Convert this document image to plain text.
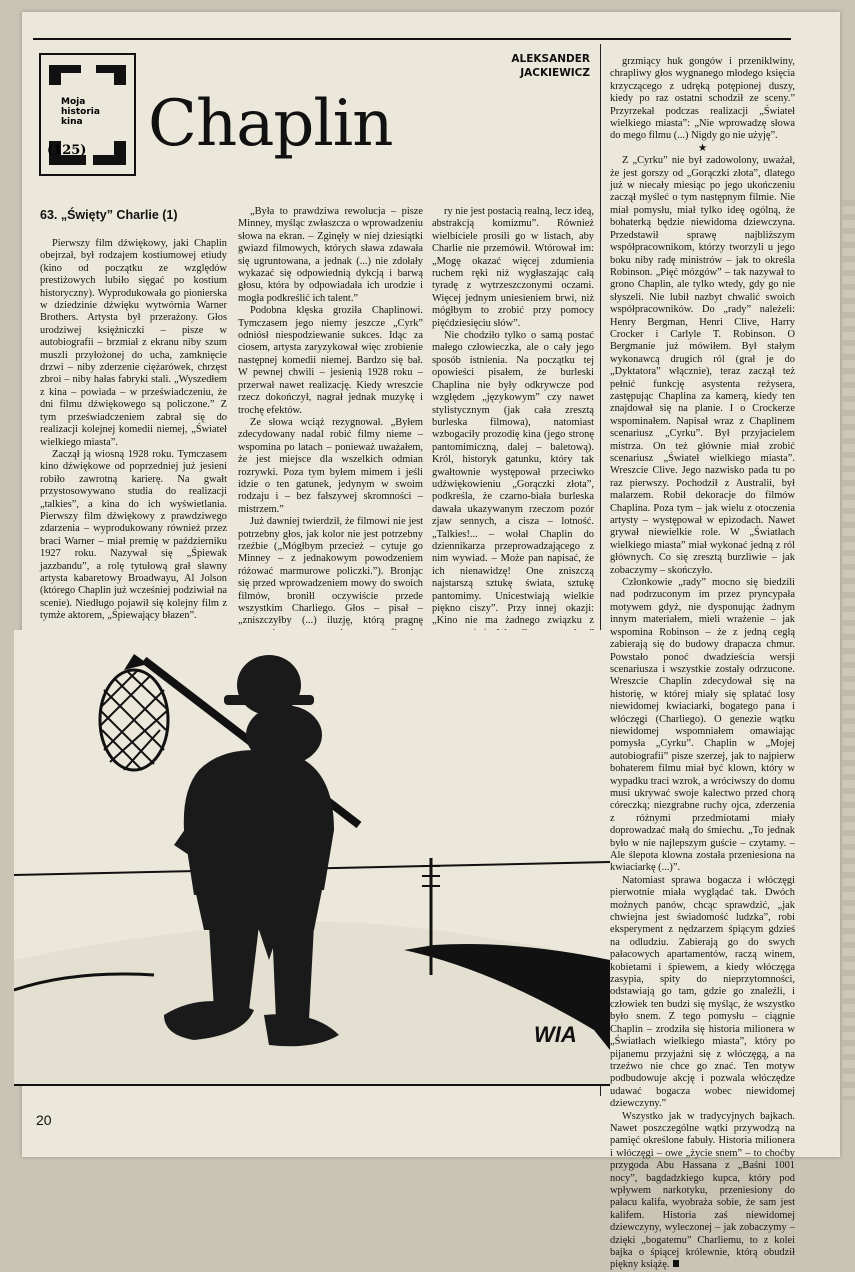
Moja
historia
kina
(125) Chaplin
ALEKSANDER
JACKIEWICZ
63. „Święty” Charlie (1)

Pierwszy film dźwiękowy, jaki Chaplin obejrzał, był rodzajem kostiumowej etiudy (kino od początku ze względów prestiżowych lubiło sięgać po kostium historyczny). Wyprodukowała go pionierska w dziedzinie dźwięku wytwórnia Warner Brothers. Artysta był przerażony. Głos urodziwej księżniczki – pisze w autobiografii – brzmiał z ekranu niby szum muszli przyłożonej do ucha, zamknięcie drzwi – niby zderzenie ciężarówek, chrzęst zbroi – niby hałas fabryki stali. „Wyszedłem z kina – powiada – w przeświadczeniu, że dni filmu dźwiękowego są policzone.” Z tym przeświadczeniem zabrał się do realizacji kolejnej komedii niemej, „Świateł wielkiego miasta”.

Zaczął ją wiosną 1928 roku. Tymczasem kino dźwiękowe od poprzedniej już jesieni robiło zawrotną karierę. Na gwałt przystosowywano studia do realizacji „talkies”, a kina do ich wyświetlania. Pierwszy film dźwiękowy z prawdziwego zdarzenia – wyprodukowany również przez braci Warner – miał premię w październiku 1927 roku. Nazywał się „Śpiewak jazzbandu”, a rolę tytułową grał sławny artysta kabaretowy Broadwayu, Al Jolson (którego Chaplin już wcześniej podziwiał na scenie). Niedługo pojawił się kolejny film z tymże aktorem, „Śpiewający błazen”.

„Była to prawdziwa rewolucja – pisze Minney, myśląc zwłaszcza o wprowadzeniu słowa na ekran. – Zginęły w niej dziesiątki gwiazd filmowych, których sława zdawała się ugruntowana, a jednak (...) nie zdołały wykazać się odpowiednią dykcją i barwą głosu, która by odpowiadała ich urodzie i mogła podkreślić ich talent.”

Podobna klęska groziła Chaplinowi. Tymczasem jego niemy jeszcze „Cyrk” odniósł niespodziewanie sukces. Idąc za ciosem, artysta zaryzykował więc zrobienie następnej komedii niemej. Bardzo się bał. W pewnej chwili – jesienią 1928 roku – przerwał nawet realizację. Kiedy wreszcie rzecz dokończył, nagrał jednak muzykę i trochę efektów.

Ze słowa wciąż rezygnował. „Byłem zdecydowany nadal robić filmy nieme – wspomina po latach – ponieważ uważałem, że jest miejsce dla wszelkich odmian rozrywki. Poza tym byłem mimem i jeśli idzie o ten gatunek, jedynym w swoim rodzaju i – bez fałszywej skromności – mistrzem.”

Już dawniej twierdził, że filmowi nie jest potrzebny głos, jak kolor nie jest potrzebny rzeźbie („Mógłbym przecież – cytuje go Minney – z jednakowym powodzeniem różować marmurowe policzki.”). Bronjąc się przed wprowadzeniem mowy do swoich filmów, broniłl oczywiście przede wszystkim Charliego. Głos – pisał – „zniszczyłby (...) iluzję, którą pragnę

ry nie jest postacią realną, lecz ideą, abstrakcją komizmu”. Również wielbiciele prosili go w listach, aby Charlie nie przemówił. Wtórował im: „Mogę okazać więcej zdumienia ruchem ręki niż wygłaszając całą tyradę z wytrzeszczonymi oczami. Więcej jednym uniesieniem brwi, niż mógłbym to zrobić przy pomocy pięćdziesięciu słów”.

Nie chodziło tylko o samą postać małego człowieczka, ale o cały jego sposób istnienia. Na początku tej opowieści pisałem, że burleski Chaplina nie były odkrywcze pod względem „językowym” czy nawet stylistycznym (jak cała zresztą burleska filmowa), natomiast wzbogaciły prozodię kina (jego stronę pantomimiczną, dalej – baletową). Król, historyk gatunku, który tak gwałtownie występował przeciwko udźwiękowieniu „Gorączki złota”, podkreśla, że czarno-biała burleska dawała ukazywanym rzeczom pozór zjaw sennych, a cisza – lotność. „Talkies!... – wołał Chaplin do dziennikarza przeprowadzającego z nim wywiad. – Może pan napisać, że ich nienawidzę! One zniszczą najstarszą sztukę świata, sztukę pantomimy. Unicestwiają wielkie piękno ciszy”. Przy innej okazji: „Kino nie ma żadnego związku z

grzmiący huk gongów i przeniklwiny, chrapliwy głos wygnanego młodego księcia krzyczącego z udręką potępionej duszy, kiedy po raz ostatni schodził ze sceny.” Przyrzekał podczas realizacji „Świateł wielkiego miasta”: „Nie wprowadzę słowa do mego filmu (...) Nigdy go nie użyję”.

★

Z „Cyrku” nie był zadowolony, uważał, że jest gorszy od „Gorączki złota”, dlatego już w niecały miesiąc po jego ukończeniu zaczął myśleć o tym następnym filmie. Nie miał pomysłu, miał tylko ideę ogólną, że bohaterką będzie niewidoma dziewczyna. Przedstawił sprawę najbliższym współpracownikom, którzy tworzyli u jego boku niby radę ministrów – jak to określa Robinson. „Pięć mózgów” – tak nazywał to grono Chaplin, ale tylko wtedy, gdy go nie słyszeli. Nie lubił nazbyt chwalić swoich współpracowników. Do „rady” należeli: Henry Bergman, Henri Clive, Harry Crocker i Carlyle T. Robinson. O Bergmanie już mówiłem. Był stałym wykonawcą drugich ról (grał je do „Dyktatora” włącznie), teraz zaczął też pełnić funkcję asystenta reżysera, zastępując Chaplina za kamerą, kiedy ten znajdował się na planie. I o Crockerze wspominałem. Napisał wraz z Chaplinem scenariusz „Cyrku”. Był przyjacielem mistrza. On też głównie miał zrobić scenariusz „Świateł wielkiego miasta”. Wreszcie Clive. Jego nazwisko pada tu po raz pierwszy. Pochodził z Australii, był malarzem. Robił dekoracje do filmów Chaplina. Poza tym – jak wielu z otoczenia artysty – występował w epizodach. Nawet grywał niewielkie role. W „Światłach wielkiego miasta” miał wykonać jedną z ról głównych. Co się zresztą burzliwie – jak zobaczymy – skończyło.

Członkowie „rady” mocno się biedzili nad podrzuconym im przez pryncypała motywem gdyż, nie dysponując żadnym innym materiałem, mieli wrażenie – jak wspomina Robinson – że z jedną cegłą zabierają się do budowy drapacza chmur. Powstało ponoć dwadzieścia wersji scenariusza i wszystkie zostały odrzucone. Wreszcie Chaplin zdecydował się na historię, w której miały się splatać losy niewidomej kwiaciarki, bogatego pana i włóczęgi (Charliego). O genezie wątku niewidomej wspomniałem omawiając pomysła „Cyrku”. Chaplin w „Mojej autobiografii” pisze szerzej, jak to najpierw bohaterem filmu miał być klown, który w wypadku traci wzrok, a wróciwszy do domu musi ukrywać swoje kalectwo przed chorą córeczką; niezgrabne ruchy ojca, zderzenia z różnymi przedmiotami miały doprowadzać małą do śmiechu. „To jednak było w nie najlepszym guście – czytamy. – Ale ślepota klowna została przeniesiona na kwiaciarkę (...)”.

Natomiast sprawa bogacza i włóczęgi pierwotnie miała wyglądać tak. Dwóch możnych panów, chcąc sprawdzić, „jak chwiejna jest świadomość ludzka”, robi eksperyment z nędzarzem śpiącym gdzieś na odludziu. Zabierają go do swych pałacowych apartamentów, raczą winem, kobietami i śpiewem, a kiedy włóczęga zasypia, spity do nieprzytomności, odstawiają go tam, gdzie go znaleźli, i człowiek ten budzi się myśląc, że wszystko było snem. Z tego pomysłu – ciągnie Chaplin – zrodziła się historia milionera w „Światłach wielkiego miasta”, który po pijanemu przyjaźni się z włóczęgą, a na trzeźwo nie chce go znać. Ten motyw podbudowuje akcję i pozwala włóczędze udawać bogacza wobec niewidomej dziewczyny.”

Wszystko jak w tradycyjnych bajkach. Nawet poszczególne wątki przywodzą na pamięć określone fabuły. Historia milionera i włóczęgi – owe „życie snem” – to choćby przygoda Abu Hassana z „Baśni 1001 nocy”, bagdadzkiego kupca, który pod wpływem narkotyku, przeniesiony do pałacu kalifa, wyobraża sobie, że sam jest kalifem. Historia zaś niewidomej dziewczyny, wyleczonej – jak zobaczymy – dzięki „bogatemu” Charliemu, to z kolei bajka o śpiącej królewnie, którą obudził piękny książę.

WIA
20
